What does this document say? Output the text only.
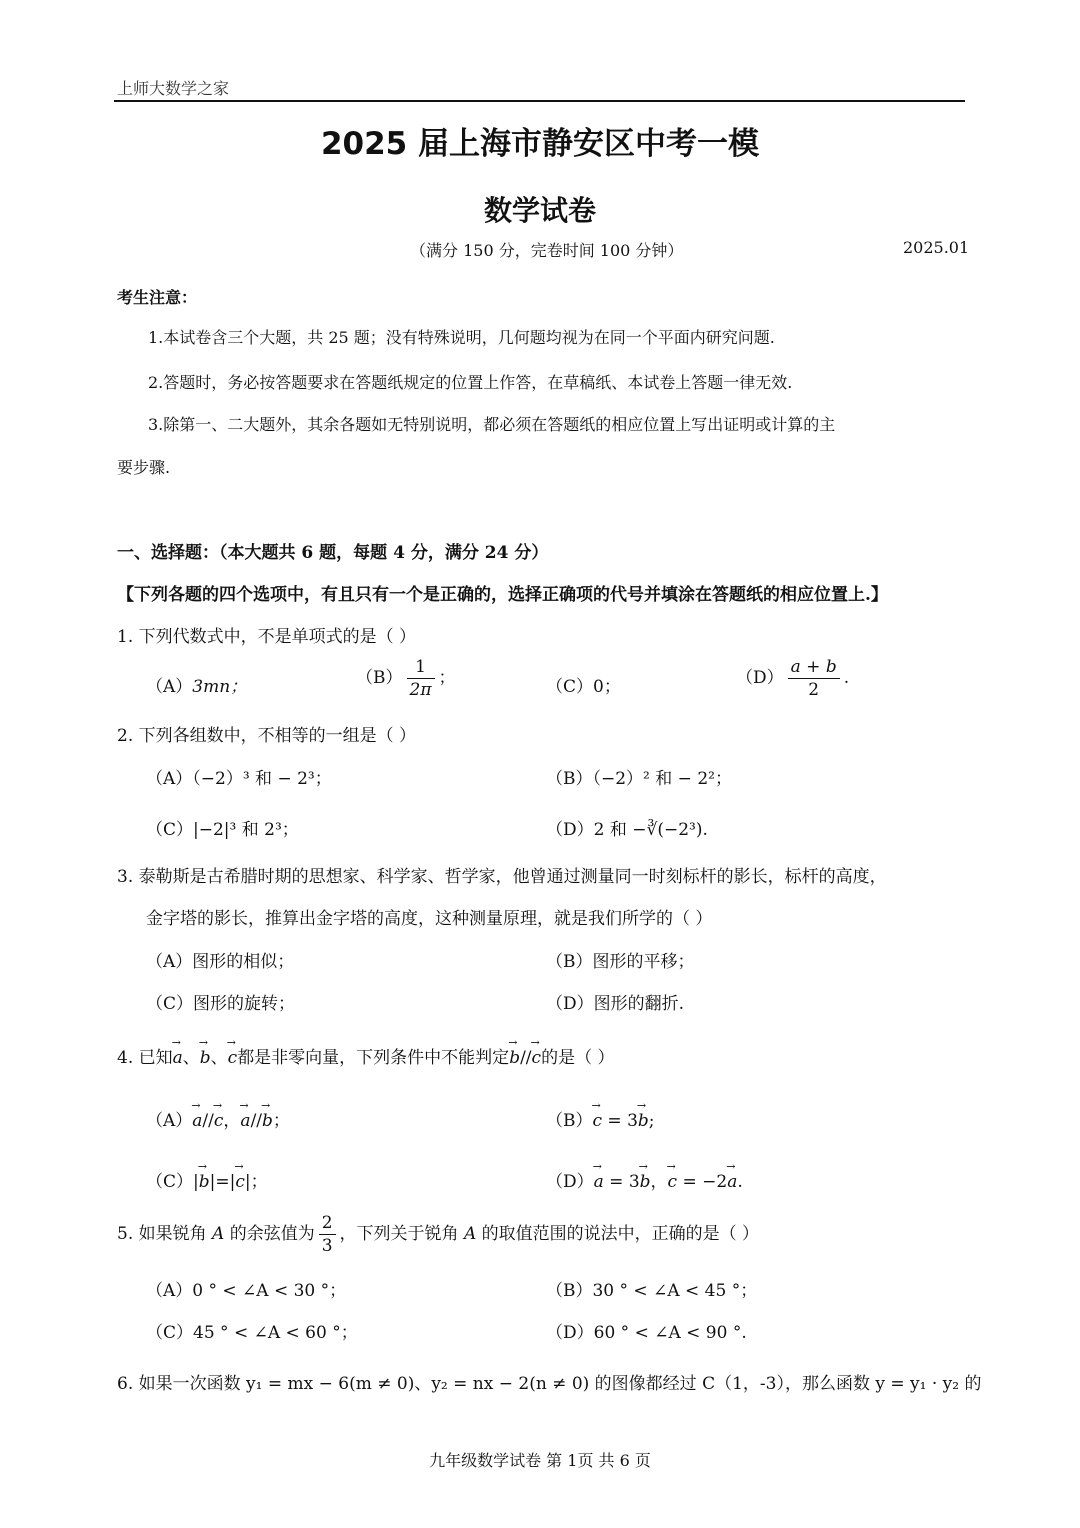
上师大数学之家
2025 届上海市静安区中考一模
数学试卷
（满分 150 分，完卷时间 100 分钟）	2025.01
考生注意：
1.本试卷含三个大题，共 25 题；没有特殊说明，几何题均视为在同一个平面内研究问题.
2.答题时，务必按答题要求在答题纸规定的位置上作答，在草稿纸、本试卷上答题一律无效.
3.除第一、二大题外，其余各题如无特别说明，都必须在答题纸的相应位置上写出证明或计算的主
要步骤.
一、选择题：（本大题共 6 题，每题 4 分，满分 24 分）
【下列各题的四个选项中，有且只有一个是正确的，选择正确项的代号并填涂在答题纸的相应位置上.】
1. 下列代数式中，不是单项式的是（ ）
（A）3mn；	$(B) \frac{1}{2\pi}$ ；	（C）0；	$(D) \frac{a + b}{2}$ .
2. 下列各组数中，不相等的一组是（ ）
（A）（−2）³ 和 − 2³；	（B）（−2）² 和 − 2²；
（C）|−2|³ 和 2³；	（D）2 和 −∛(−2³).
3. 泰勒斯是古希腊时期的思想家、科学家、哲学家，他曾通过测量同一时刻标杆的影长，标杆的高度，
金字塔的影长，推算出金字塔的高度，这种测量原理，就是我们所学的（ ）
（A）图形的相似；	（B）图形的平移；
（C）图形的旋转；	（D）图形的翻折.
4. 已知→ a、→ b、→ c都是非零向量，下列条件中不能判定→ b//→ c的是（ ）
（A）→ a//→ c，→ a//→ b；	（B）→ c = 3→ b;
（C）|→ b|=|→ c|；	（D）→ a = 3→ b，→ c = −2→ a.
5. 如果锐角 A 的余弦值为 $\frac{2}{3}$ ，下列关于锐角 A 的取值范围的说法中，正确的是（ ）
（A）0 ° < ∠A < 30 °；	（B）30 ° < ∠A < 45 °；
（C）45 ° < ∠A < 60 °；	（D）60 ° < ∠A < 90 °.
6. 如果一次函数 y₁ = mx − 6(m ≠ 0)、y₂ = nx − 2(n ≠ 0) 的图像都经过 C（1，-3），那么函数 y = y₁ · y₂ 的
九年级数学试卷 第 1页 共 6 页
